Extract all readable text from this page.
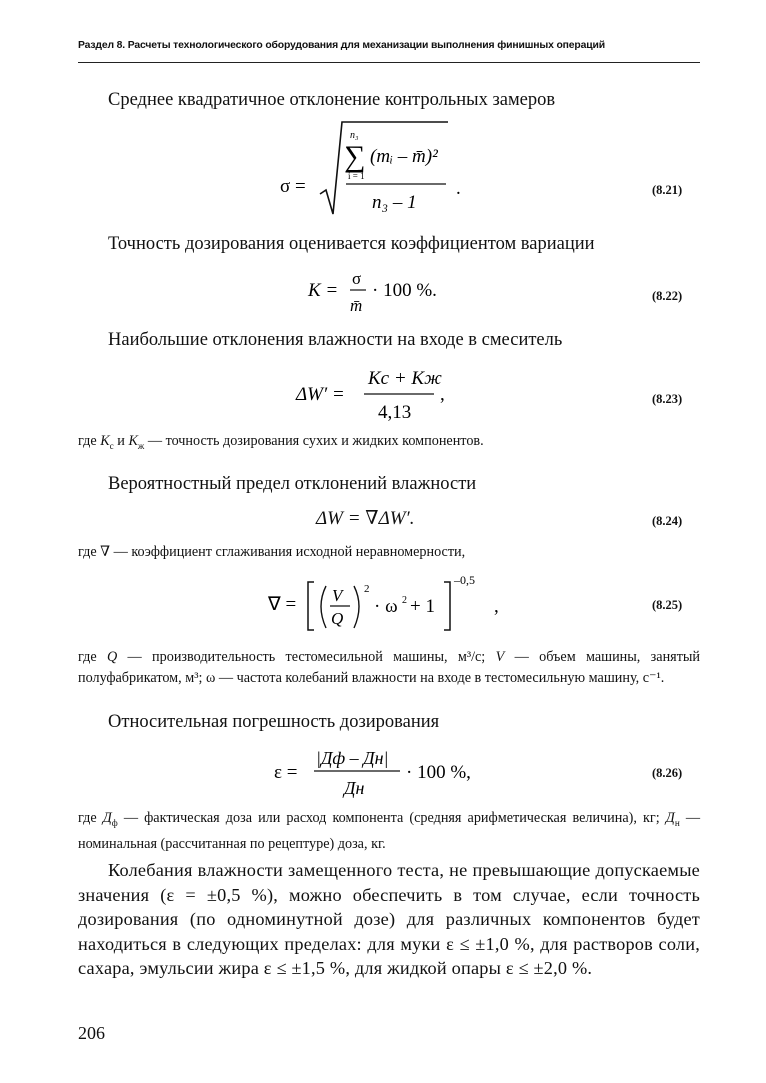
Раздел 8. Расчеты технологического оборудования для механизации выполнения финишных операций
Среднее квадратичное отклонение контрольных замеров
σ =
n₃
∑ (mᵢ – m̄)²
i = 1
n₃ – 1
.	(8.21)
Точность дозирования оценивается коэффициентом вариации
K =
σ
m̄
· 100 %.	(8.22)
Наибольшие отклонения влажности на входе в смеситель
ΔW′ =
Kс + Kж
4,13
,	(8.23)
где $K_с$ и $K_ж$ — точность дозирования сухих и жидких компонентов.
Вероятностный предел отклонений влажности
ΔW = ∇ΔW′.	(8.24)
где ∇ — коэффициент сглаживания исходной неравномерности,
∇ = V
Q
2
· ω 2 + 1
–0,5
,	(8.25)
где Q — производительность тестомесильной машины, м³/с; V — объем машины, занятый полуфабрикатом, м³; ω — частота колебаний влажности на входе в тестомесильную машину, с⁻¹.
Относительная погрешность дозирования
ε =
|Дф – Дн|
Дн
· 100 %,	(8.26)
где $Д_ф$ — фактическая доза или расход компонента (средняя арифметическая величина), кг; $Д_н$ — номинальная (рассчитанная по рецептуре) доза, кг.

Колебания влажности замещенного теста, не превышающие допускаемые значения (ε = ±0,5 %), можно обеспечить в том случае, если точность дозирования (по одноминутной дозе) для различных компонентов будет находиться в следующих пределах: для муки ε ≤ ±1,0 %, для растворов соли, сахара, эмульсии жира ε ≤ ±1,5 %, для жидкой опары ε ≤ ±2,0 %.

206
